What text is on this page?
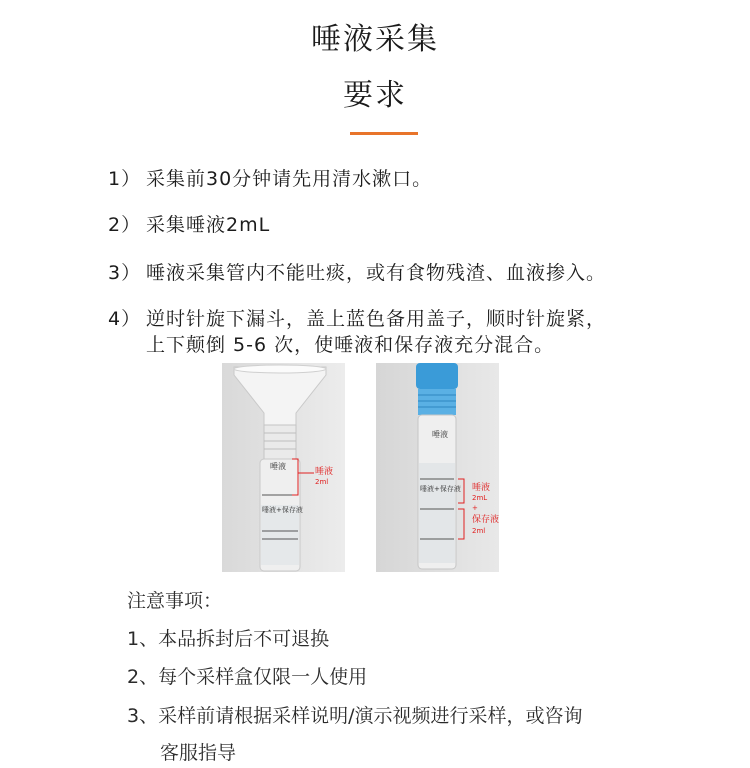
唾液采集
要求
1） 采集前30分钟请先用清水漱口。
2） 采集唾液2mL
3） 唾液采集管内不能吐痰，或有食物残渣、血液掺入。
4） 逆时针旋下漏斗，盖上蓝色备用盖子，顺时针旋紧，
上下颠倒 5-6 次，使唾液和保存液充分混合。
唾液
唾液+保存液
唾液
2ml
唾液
唾液+保存液 唾液
2mL
+
保存液
2ml
注意事项：
1、本品拆封后不可退换
2、每个采样盒仅限一人使用
3、采样前请根据采样说明/演示视频进行采样，或咨询
客服指导
